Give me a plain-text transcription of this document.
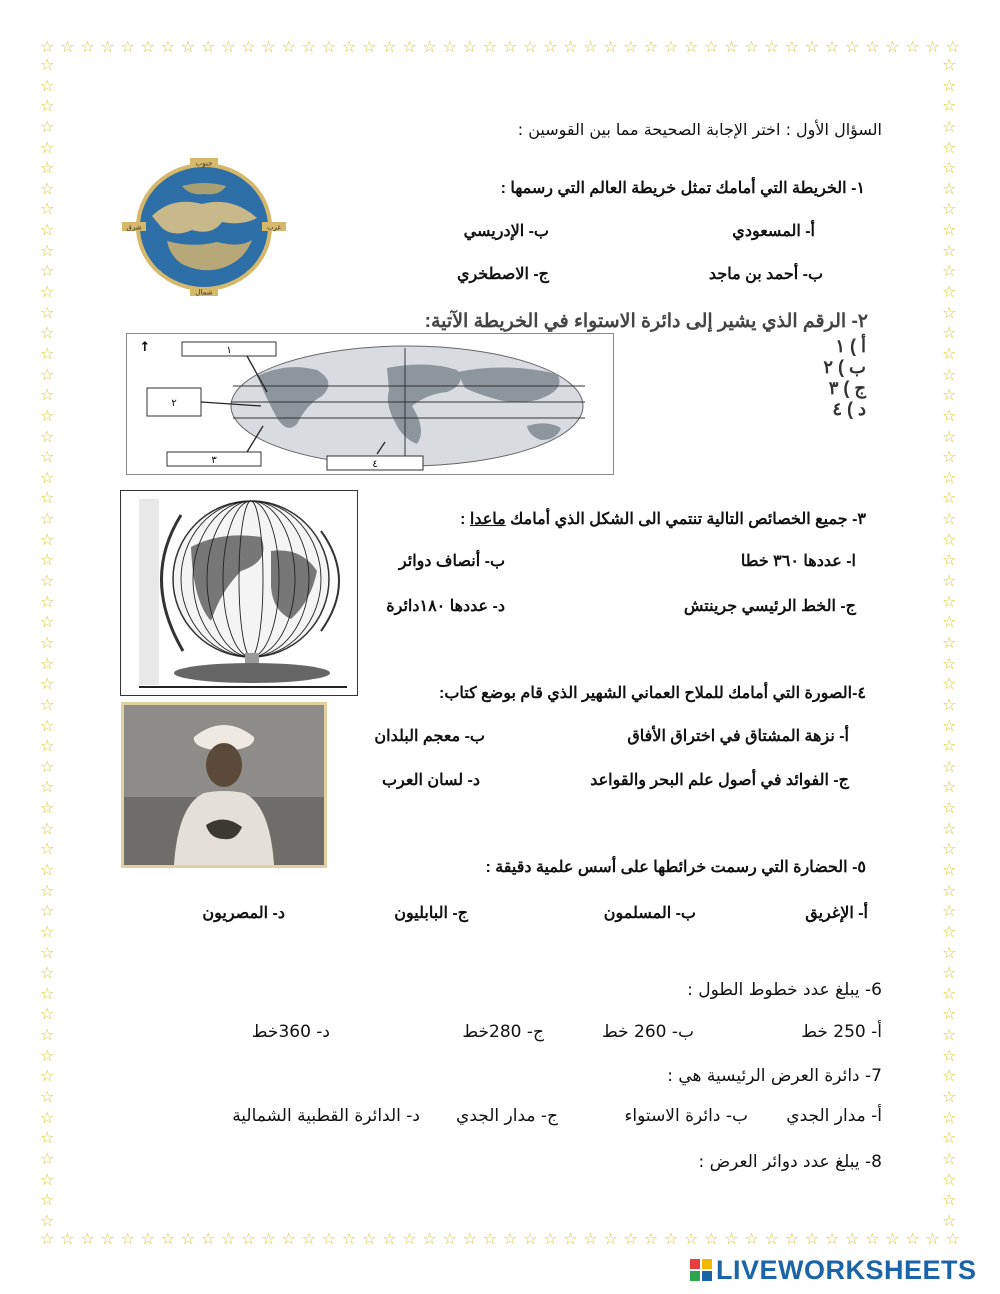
☆ ☆ ☆ ☆ ☆ ☆ ☆ ☆ ☆ ☆ ☆ ☆ ☆ ☆ ☆ ☆ ☆ ☆ ☆ ☆ ☆ ☆ ☆ ☆ ☆ ☆ ☆ ☆ ☆ ☆ ☆ ☆ ☆ ☆ ☆ ☆ ☆ ☆ ☆ ☆ ☆ ☆ ☆ ☆ ☆ ☆
☆ ☆ ☆ ☆ ☆ ☆ ☆ ☆ ☆ ☆ ☆ ☆ ☆ ☆ ☆ ☆ ☆ ☆ ☆ ☆ ☆ ☆ ☆ ☆ ☆ ☆ ☆ ☆ ☆ ☆ ☆ ☆ ☆ ☆ ☆ ☆ ☆ ☆ ☆ ☆ ☆ ☆ ☆ ☆ ☆ ☆
☆
☆
☆
☆
☆
☆
☆
☆
☆
☆
☆
☆
☆
☆
☆
☆
☆
☆
☆
☆
☆
☆
☆
☆
☆
☆
☆
☆
☆
☆
☆
☆
☆
☆
☆
☆
☆
☆
☆
☆
☆
☆
☆
☆
☆
☆
☆
☆
☆
☆
☆
☆
☆
☆
☆
☆
☆
☆
☆
☆
☆
☆
☆
☆
☆
☆
☆
☆
☆
☆
☆
☆
☆
☆
☆
☆
☆
☆
☆
☆
☆
☆
☆
☆
☆
☆
☆
☆
☆
☆
☆
☆
☆
☆
☆
☆
☆
☆
☆
☆
☆
☆
☆
☆
☆
☆
☆
☆
☆
☆
☆
☆
☆
☆
السؤال الأول : اختر الإجابة الصحيحة مما بين القوسين :
جنوب
شمال
شرق	غرب
١- الخريطة التي أمامك تمثل خريطة العالم التي رسمها :
أ- المسعودي
ب- الإدريسي
ب- أحمد بن ماجد
ج- الاصطخري
٢- الرقم الذي يشير إلى دائرة الاستواء في الخريطة الآتية:
١
٢
٣	٤
↑	أ ) ١
ب ) ٢
ج ) ٣
د ) ٤
٣- جميع الخصائص التالية تنتمي الى الشكل الذي أمامك ماعدا :
ا- عددها ٣٦٠ خطا
ب- أنصاف دوائر
ج- الخط الرئيسي جرينتش
د- عددها ١٨٠دائرة
٤-الصورة التي أمامك للملاح العماني الشهير الذي قام بوضع كتاب:
أ- نزهة المشتاق في اختراق الأفاق
ب- معجم البلدان
ج- الفوائد في أصول علم البحر والقواعد
د- لسان العرب
٥- الحضارة التي رسمت خرائطها على أسس علمية دقيقة :
أ- الإغريق
ب- المسلمون
ج- البابليون
د- المصريون
6- يبلغ عدد خطوط الطول :
أ- 250 خط
ب- 260 خط
ج- 280خط
د- 360خط
7- دائرة العرض الرئيسية هي :
أ- مدار الجدي
ب- دائرة الاستواء
ج- مدار الجدي
د- الدائرة القطبية الشمالية
8- يبلغ عدد دوائر العرض :
LIVEWORKSHEETS
